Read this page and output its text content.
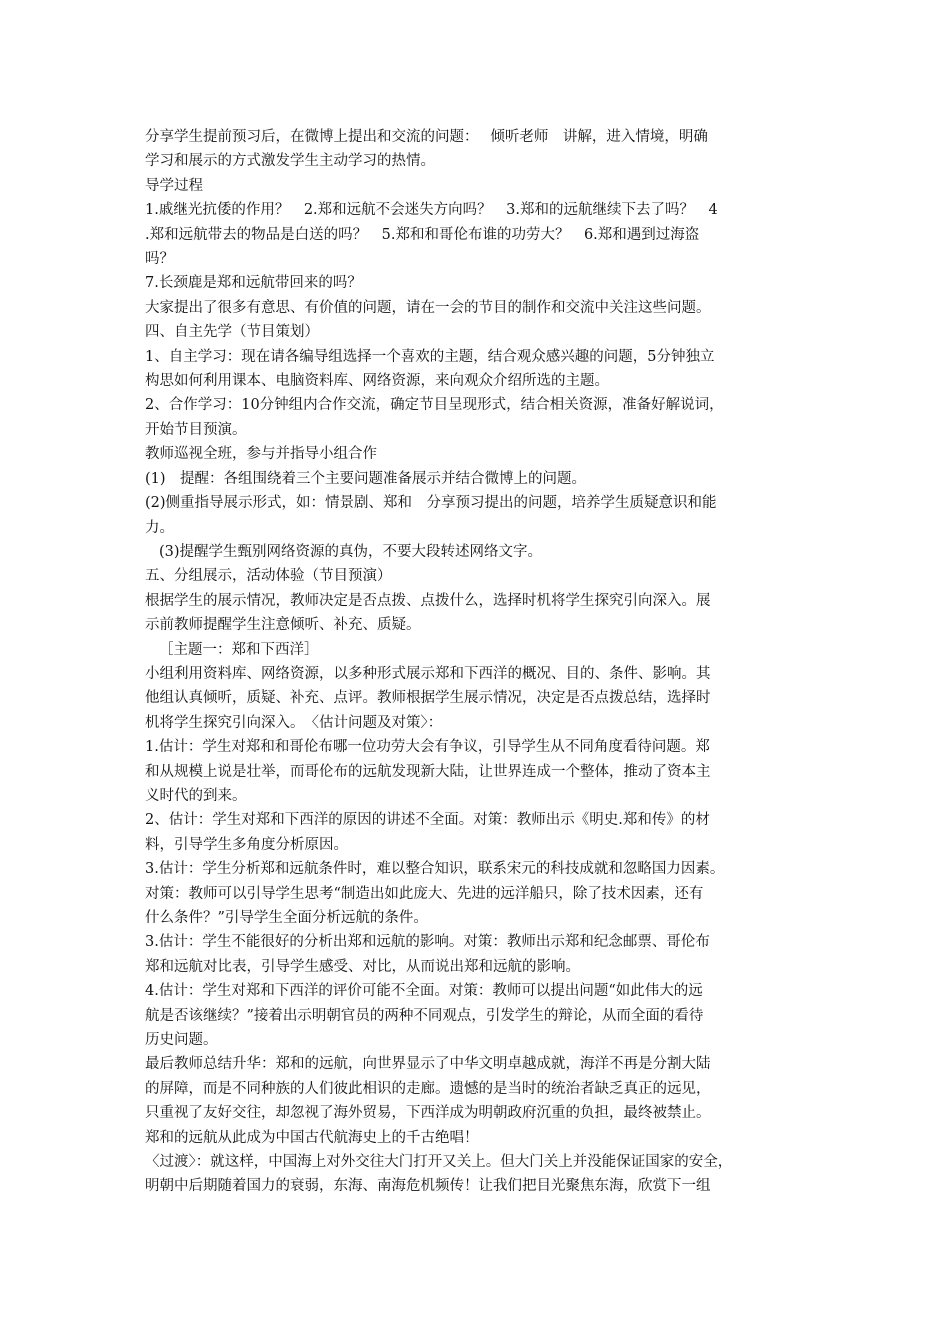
分享学生提前预习后，在微博上提出和交流的问题：　 倾听老师　讲解，进入情境，明确
学习和展示的方式激发学生主动学习的热情。
导学过程
1.戚继光抗倭的作用？　2.郑和远航不会迷失方向吗？　3.郑和的远航继续下去了吗？　4
.郑和远航带去的物品是白送的吗？　5.郑和和哥伦布谁的功劳大？　6.郑和遇到过海盗
吗？
7.长颈鹿是郑和远航带回来的吗？
大家提出了很多有意思、有价值的问题，请在一会的节目的制作和交流中关注这些问题。
四、自主先学（节目策划）
1、自主学习：现在请各编导组选择一个喜欢的主题，结合观众感兴趣的问题，5分钟独立
构思如何利用课本、电脑资料库、网络资源，来向观众介绍所选的主题。
2、合作学习：10分钟组内合作交流，确定节目呈现形式，结合相关资源，准备好解说词，
开始节目预演。
教师巡视全班，参与并指导小组合作
(1)　提醒：各组围绕着三个主要问题准备展示并结合微博上的问题。
(2)侧重指导展示形式，如：情景剧、郑和　分享预习提出的问题，培养学生质疑意识和能
力。
(3)提醒学生甄别网络资源的真伪，不要大段转述网络文字。
五、分组展示，活动体验（节目预演）
根据学生的展示情况，教师决定是否点拨、点拨什么，选择时机将学生探究引向深入。展
示前教师提醒学生注意倾听、补充、质疑。
［主题一：郑和下西洋］
小组利用资料库、网络资源，以多种形式展示郑和下西洋的概况、目的、条件、影响。其
他组认真倾听，质疑、补充、点评。教师根据学生展示情况，决定是否点拨总结，选择时
机将学生探究引向深入。　〈估计问题及对策〉：
1.估计：学生对郑和和哥伦布哪一位功劳大会有争议，引导学生从不同角度看待问题。郑
和从规模上说是壮举，而哥伦布的远航发现新大陆，让世界连成一个整体，推动了资本主
义时代的到来。
2、估计：学生对郑和下西洋的原因的讲述不全面。对策：教师出示《明史.郑和传》的材
料，引导学生多角度分析原因。
3.估计：学生分析郑和远航条件时，难以整合知识，联系宋元的科技成就和忽略国力因素。
对策：教师可以引导学生思考“制造出如此庞大、先进的远洋船只，除了技术因素，还有
什么条件？”引导学生全面分析远航的条件。
3.估计：学生不能很好的分析出郑和远航的影响。对策：教师出示郑和纪念邮票、哥伦布
郑和远航对比表，引导学生感受、对比，从而说出郑和远航的影响。
4.估计：学生对郑和下西洋的评价可能不全面。对策：教师可以提出问题“如此伟大的远
航是否该继续？”接着出示明朝官员的两种不同观点，引发学生的辩论，从而全面的看待
历史问题。
最后教师总结升华：郑和的远航，向世界显示了中华文明卓越成就，海洋不再是分割大陆
的屏障，而是不同种族的人们彼此相识的走廊。遗憾的是当时的统治者缺乏真正的远见，
只重视了友好交往，却忽视了海外贸易，下西洋成为明朝政府沉重的负担，最终被禁止。
郑和的远航从此成为中国古代航海史上的千古绝唱！
〈过渡〉：就这样，中国海上对外交往大门打开又关上。但大门关上并没能保证国家的安全，
明朝中后期随着国力的衰弱，东海、南海危机频传！让我们把目光聚焦东海，欣赏下一组
